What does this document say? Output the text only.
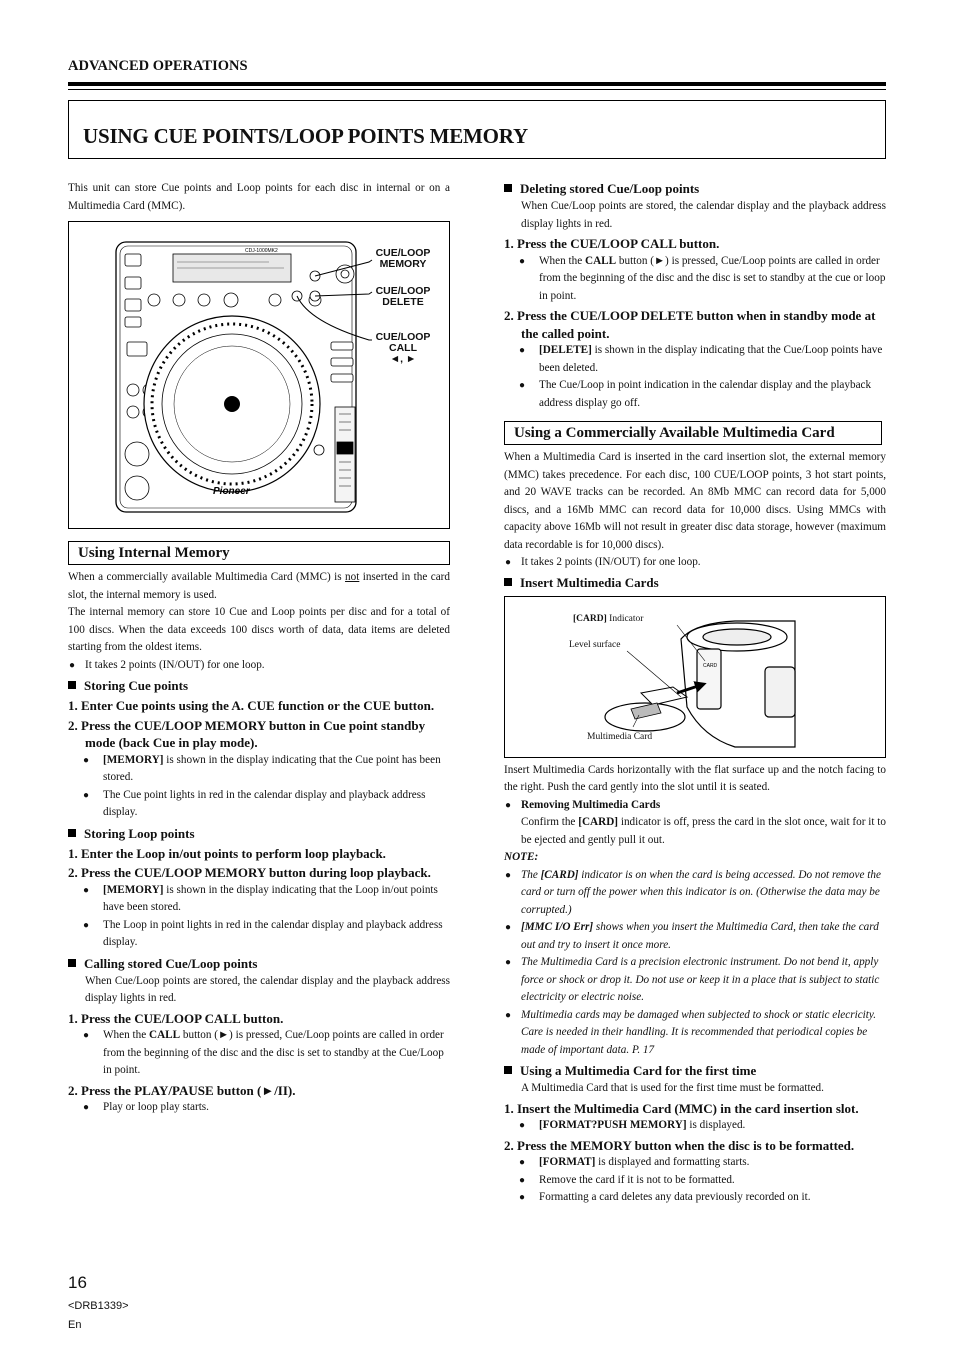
ADVANCED OPERATIONS
USING CUE POINTS/LOOP POINTS MEMORY

This unit can store Cue points and Loop points for each disc in internal or on a Multimedia Card (MMC).

Pioneer
CDJ-1000MK2	CUE/LOOP
MEMORY
CUE/LOOP
DELETE
CUE/LOOP
CALL
◄, ►
Using Internal Memory

When a commercially available Multimedia Card (MMC) is not inserted in the card slot, the internal memory is used.

The internal memory can store 10 Cue and Loop points per disc and for a total of 100 discs. When the data exceeds 100 discs worth of data, data items are deleted starting from the oldest items.

● It takes 2 points (IN/OUT) for one loop.
Storing Cue points
1. Enter Cue points using the A. CUE function or the CUE button.
2. Press the CUE/LOOP MEMORY button in Cue point standby mode (back Cue in play mode).
● [MEMORY] is shown in the display indicating that the Cue point has been stored.
● The Cue point lights in red in the calendar display and playback address display.
Storing Loop points
1. Enter the Loop in/out points to perform loop playback.
2. Press the CUE/LOOP MEMORY button during loop playback.
● [MEMORY] is shown in the display indicating that the Loop in/out points have been stored.
● The Loop in point lights in red in the calendar display and playback address display.
Calling stored Cue/Loop points

When Cue/Loop points are stored, the calendar display and the playback address display lights in red.

1. Press the CUE/LOOP CALL button.
● When the CALL button (►) is pressed, Cue/Loop points are called in order from the beginning of the disc and the disc is set to standby at the Cue/Loop in point.
2. Press the PLAY/PAUSE button (►/II).
● Play or loop play starts.
Deleting stored Cue/Loop points

When Cue/Loop points are stored, the calendar display and the playback address display lights in red.

1. Press the CUE/LOOP CALL button.
● When the CALL button (►) is pressed, Cue/Loop points are called in order from the beginning of the disc and the disc is set to standby at the cue or loop in point.
2. Press the CUE/LOOP DELETE button when in standby mode at the called point.
● [DELETE] is shown in the display indicating that the Cue/Loop points have been deleted.
● The Cue/Loop in point indication in the calendar display and the playback address display go off.
Using a Commercially Available Multimedia Card

When a Multimedia Card is inserted in the card insertion slot, the external memory (MMC) takes precedence. For each disc, 100 CUE/LOOP points, 3 hot start points, and 20 WAVE tracks can be recorded. An 8Mb MMC can record data for 5,000 discs, and a 16Mb MMC can record data for 10,000 discs. Using MMCs with capacity above 16Mb will not result in greater disc data storage, however (maximum data recordable is for 10,000 discs).

● It takes 2 points (IN/OUT) for one loop.
Insert Multimedia Cards
CARD
[CARD] Indicator
Level surface
Multimedia Card

Insert Multimedia Cards horizontally with the flat surface up and the notch facing to the right. Push the card gently into the slot until it is seated.

● Removing Multimedia Cards

Confirm the [CARD] indicator is off, press the card in the slot once, wait for it to be ejected and gently pull it out.

NOTE:
● The [CARD] indicator is on when the card is being accessed. Do not remove the card or turn off the power when this indicator is on. (Otherwise the data may be corrupted.)
● [MMC I/O Err] shows when you insert the Multimedia Card, then take the card out and try to insert it once more.
● The Multimedia Card is a precision electronic instrument. Do not bend it, apply force or shock or drop it. Do not use or keep it in a place that is subject to static electricity or electric noise.
● Multimedia cards may be damaged when subjected to shock or static elecricity. Care is needed in their handling. It is recommended that periodical copies be made of important data. P. 17
Using a Multimedia Card for the first time

A Multimedia Card that is used for the first time must be formatted.

1. Insert the Multimedia Card (MMC) in the card insertion slot.
● [FORMAT?PUSH MEMORY] is displayed.
2. Press the MEMORY button when the disc is to be formatted.
● [FORMAT] is displayed and formatting starts.
● Remove the card if it is not to be formatted.
● Formatting a card deletes any data previously recorded on it.
16
<DRB1339>
En
